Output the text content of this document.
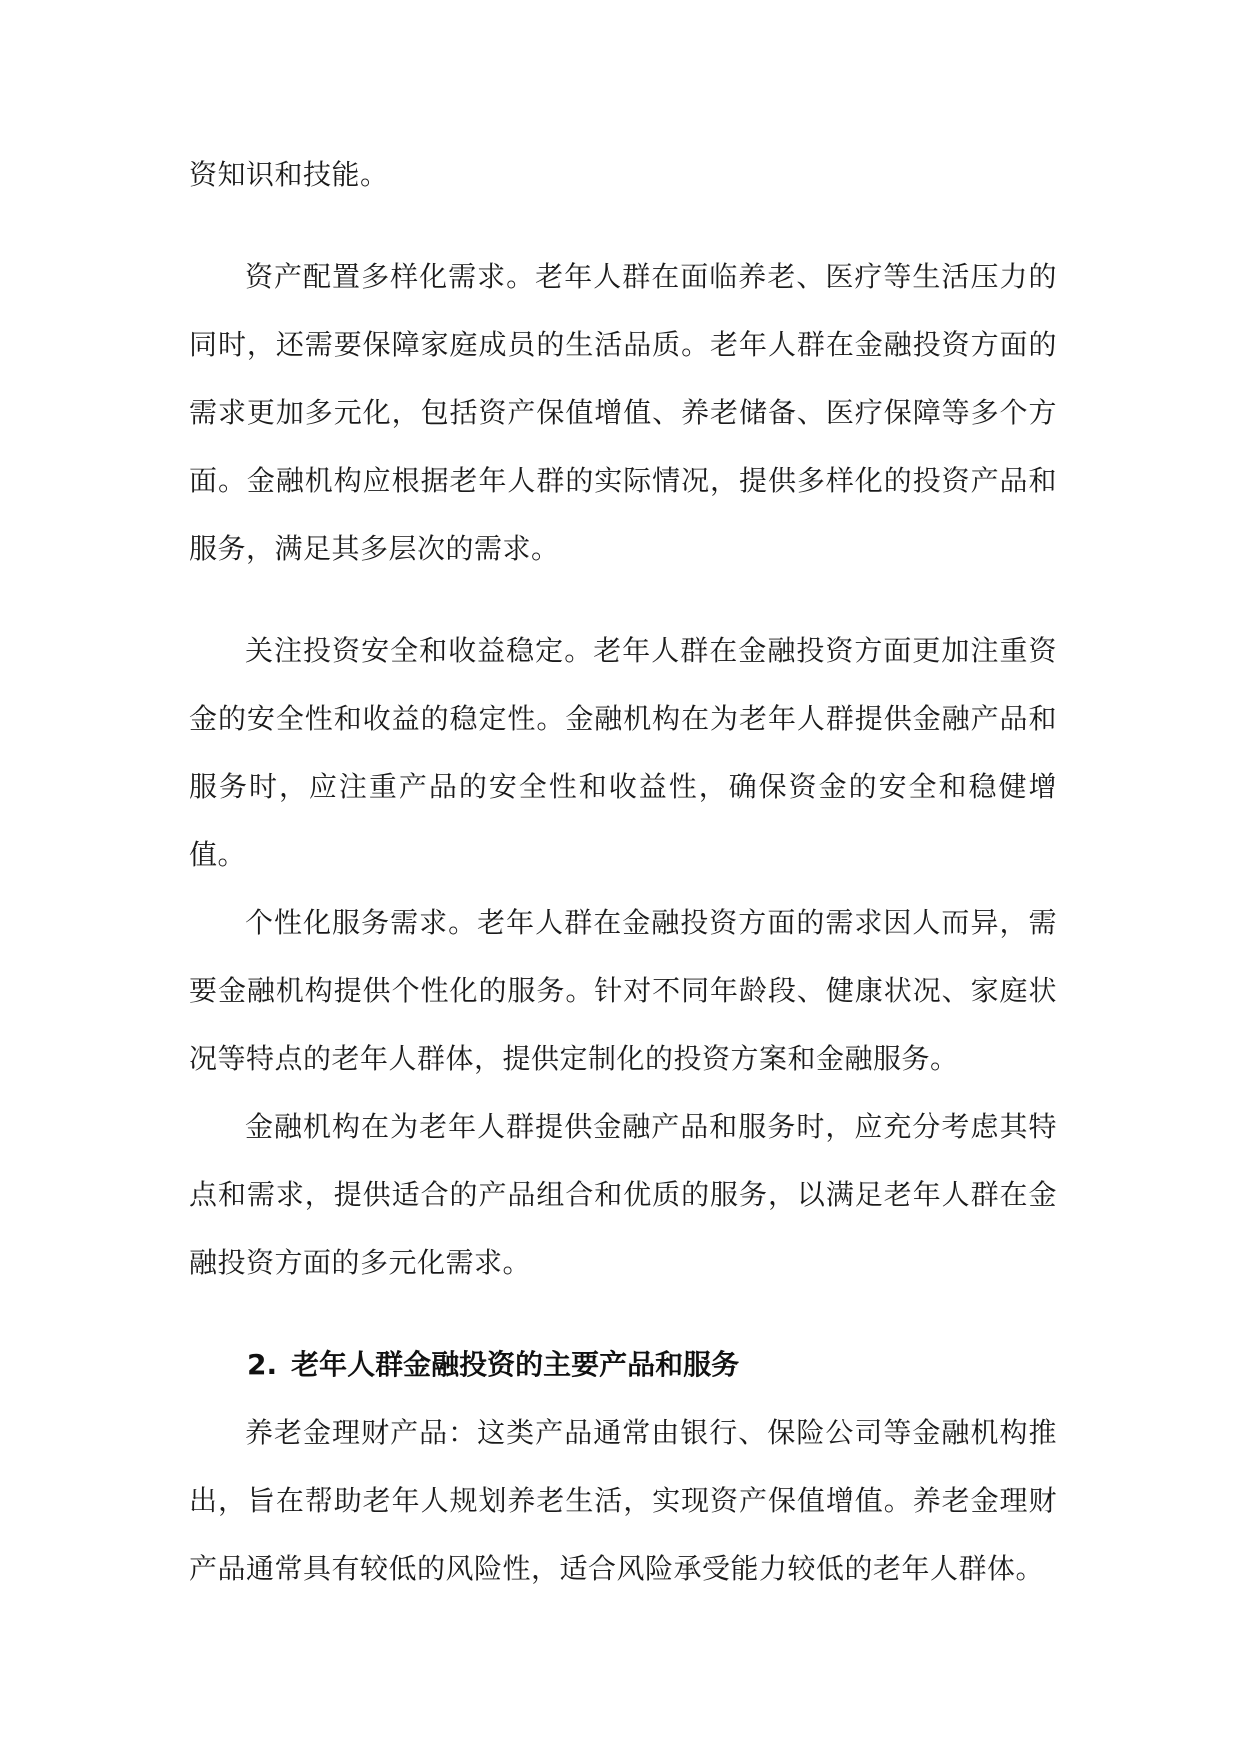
资知识和技能。

资产配置多样化需求。老年人群在面临养老、医疗等生活压力的同时，还需要保障家庭成员的生活品质。老年人群在金融投资方面的需求更加多元化，包括资产保值增值、养老储备、医疗保障等多个方面。金融机构应根据老年人群的实际情况，提供多样化的投资产品和服务，满足其多层次的需求。

关注投资安全和收益稳定。老年人群在金融投资方面更加注重资金的安全性和收益的稳定性。金融机构在为老年人群提供金融产品和服务时，应注重产品的安全性和收益性，确保资金的安全和稳健增值。

个性化服务需求。老年人群在金融投资方面的需求因人而异，需要金融机构提供个性化的服务。针对不同年龄段、健康状况、家庭状况等特点的老年人群体，提供定制化的投资方案和金融服务。

金融机构在为老年人群提供金融产品和服务时，应充分考虑其特点和需求，提供适合的产品组合和优质的服务，以满足老年人群在金融投资方面的多元化需求。

2. 老年人群金融投资的主要产品和服务

养老金理财产品：这类产品通常由银行、保险公司等金融机构推出，旨在帮助老年人规划养老生活，实现资产保值增值。养老金理财产品通常具有较低的风险性，适合风险承受能力较低的老年人群体。
